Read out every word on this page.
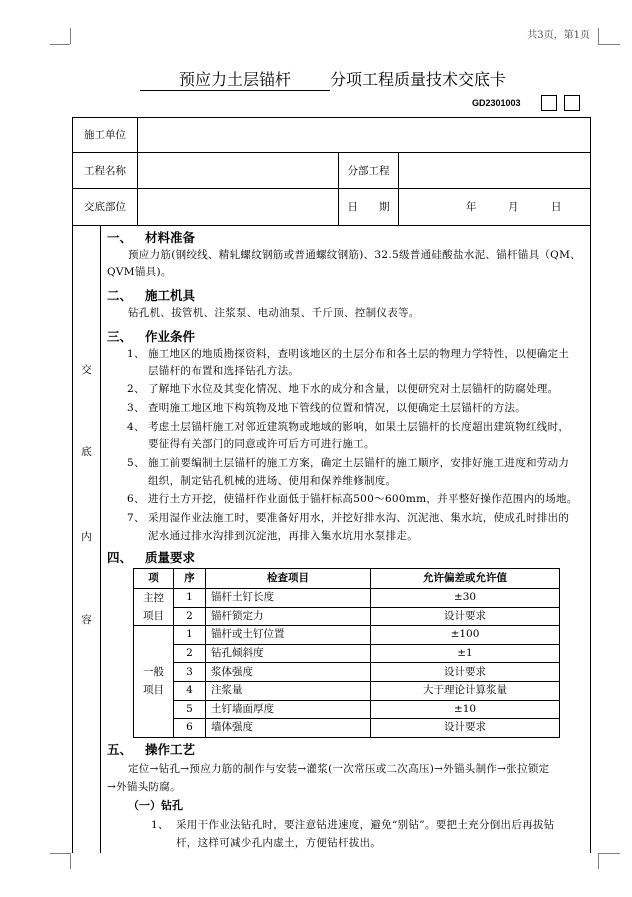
共3页，第1页
预应力土层锚杆 分项工程质量技术交底卡
GD2301003
施工单位
工程名称	分部工程
交底部位	日　　期	年	月	日
交
底
内
容
一、 材料准备
预应力筋(钢绞线、精轧螺纹钢筋或普通螺纹钢筋)、32.5级普通硅酸盐水泥、锚杆锚具（QM、
QVM锚具)。
二、 施工机具
钻孔机、拔管机、注浆泵、电动油泵、千斤顶、控制仪表等。
三、 作业条件
1、 施工地区的地质勘探资料，查明该地区的土层分布和各土层的物理力学特性，以便确定土
层锚杆的布置和选择钻孔方法。
2、 了解地下水位及其变化情况、地下水的成分和含量，以便研究对土层锚杆的防腐处理。
3、 查明施工地区地下构筑物及地下管线的位置和情况，以便确定土层锚杆的方法。
4、 考虑土层锚杆施工对邻近建筑物或地域的影响，如果土层锚杆的长度超出建筑物红线时，
要征得有关部门的同意或许可后方可进行施工。
5、 施工前要编制土层锚杆的施工方案，确定土层锚杆的施工顺序，安排好施工进度和劳动力
组织，制定钻孔机械的进场、使用和保养维修制度。
6、 进行土方开挖，使锚杆作业面低于锚杆标高500～600mm，并平整好操作范围内的场地。
7、 采用湿作业法施工时，要准备好用水，并挖好排水沟、沉泥池、集水坑，使成孔时排出的
泥水通过排水沟排到沉淀池，再排入集水坑用水泵排走。
四、 质量要求
项	序	检查项目	允许偏差或允许值
主控
项目	1	锚杆土钉长度	±30
	2	锚杆锁定力	设计要求
一般
项目	1	锚杆或土钉位置	±100
	2	钻孔倾斜度	±1
	3	浆体强度	设计要求
	4	注浆量	大于理论计算浆量
	5	土钉墙面厚度	±10
	6	墙体强度	设计要求
五、 操作工艺
定位→钻孔→预应力筋的制作与安装→灌浆(一次常压或二次高压)→外锚头制作→张拉锁定
→外锚头防腐。
（一）钻孔
1、 采用干作业法钻孔时，要注意钻进速度，避免“别钻”。要把土充分倒出后再拔钻
杆，这样可减少孔内虚土，方便钻杆拔出。
